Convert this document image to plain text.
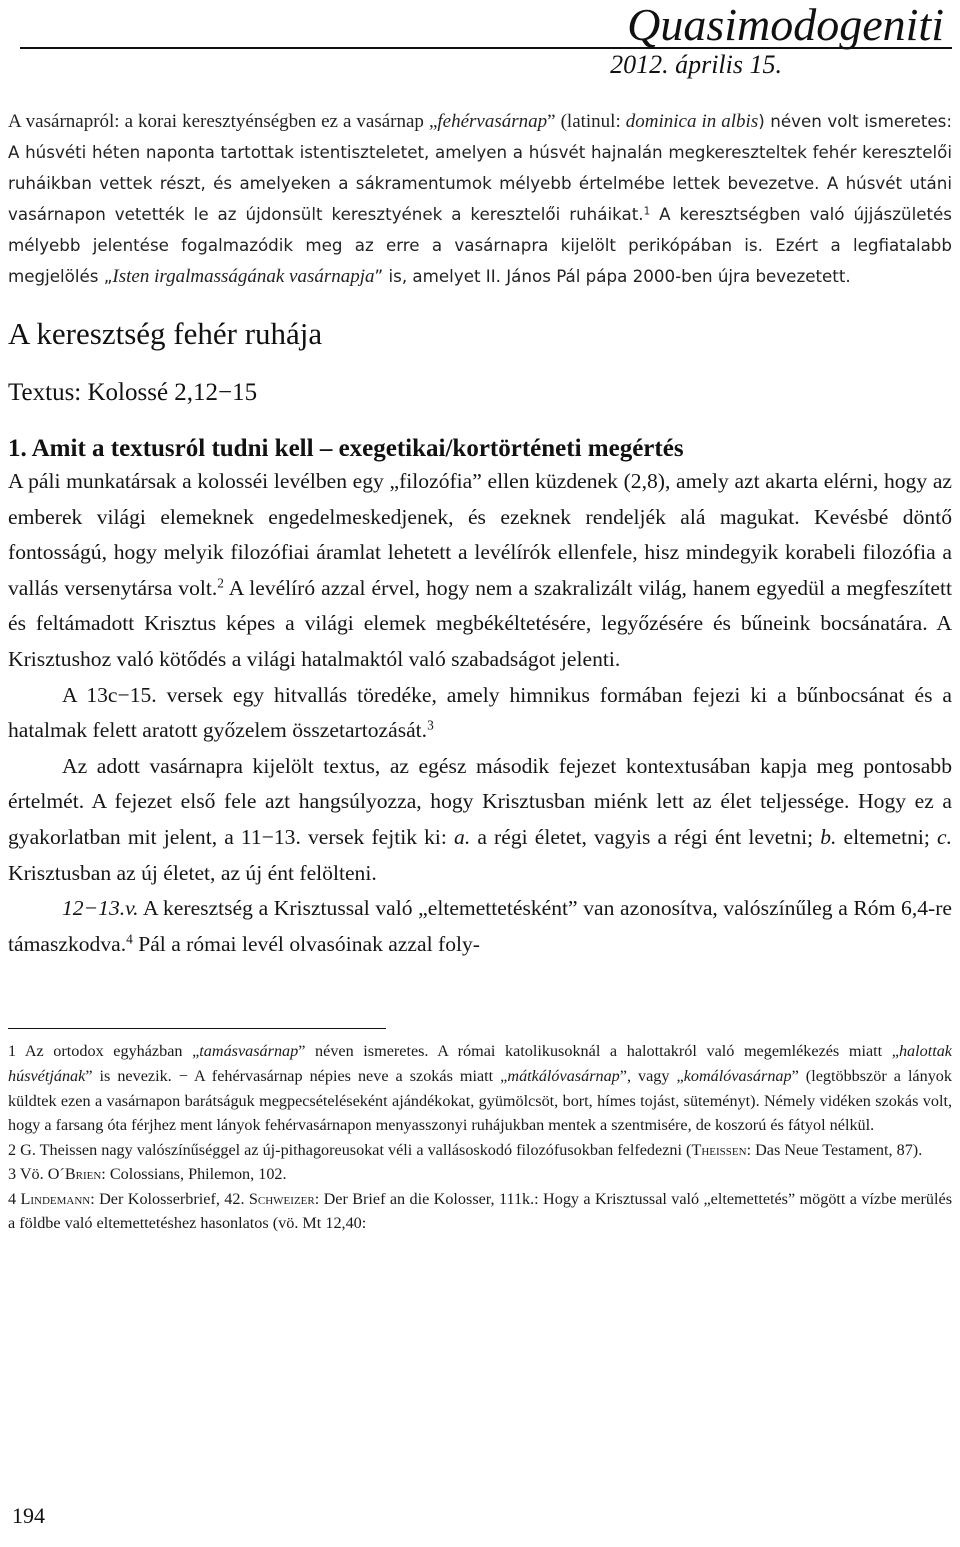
Quasimodogeniti
2012. április 15.

A vasárnapról: a korai keresztyénségben ez a vasárnap „fehérvasárnap” (latinul: dominica in albis) néven volt ismeretes: A húsvéti héten naponta tartottak istentiszteletet, amelyen a húsvét hajnalán megkereszteltek fehér keresztelői ruháikban vettek részt, és amelyeken a sákramentumok mélyebb értelmébe lettek bevezetve. A húsvét utáni vasárnapon vetették le az újdonsült keresztyének a keresztelői ruháikat.$^1$ A keresztségben való újjászületés mélyebb jelentése fogalmazódik meg az erre a vasárnapra kijelölt perikópában is. Ezért a legfiatalabb megjelölés „Isten irgalmasságának vasárnapja” is, amelyet II. János Pál pápa 2000-ben újra bevezetett.

A keresztség fehér ruhája
Textus: Kolossé 2,12−15
1. Amit a textusról tudni kell – exegetikai/kortörténeti megértés

A páli munkatársak a kolosséi levélben egy „filozófia” ellen küzdenek (2,8), amely azt akarta elérni, hogy az emberek világi elemeknek engedelmeskedjenek, és ezeknek rendeljék alá magukat. Kevésbé döntő fontosságú, hogy melyik filozófiai áramlat lehetett a levélírók ellenfele, hisz mindegyik korabeli filozófia a vallás versenytársa volt.$^2$ A levélíró azzal érvel, hogy nem a szakralizált világ, hanem egyedül a megfeszített és feltámadott Krisztus képes a világi elemek megbékéltetésére, legyőzésére és bűneink bocsánatára. A Krisztushoz való kötődés a világi hatalmaktól való szabadságot jelenti.

A 13c−15. versek egy hitvallás töredéke, amely himnikus formában fejezi ki a bűnbocsánat és a hatalmak felett aratott győzelem összetartozását.$^3$

Az adott vasárnapra kijelölt textus, az egész második fejezet kontextusában kapja meg pontosabb értelmét. A fejezet első fele azt hangsúlyozza, hogy Krisztusban miénk lett az élet teljessége. Hogy ez a gyakorlatban mit jelent, a 11−13. versek fejtik ki: a. a régi életet, vagyis a régi ént levetni; b. eltemetni; c. Krisztusban az új életet, az új ént felölteni.

12−13.v. A keresztség a Krisztussal való „eltemettetésként” van azonosítva, valószínűleg a Róm 6,4-re támaszkodva.$^4$ Pál a római levél olvasóinak azzal foly-

1 Az ortodox egyházban „tamásvasárnap” néven ismeretes. A római katolikusoknál a halottakról való megemlékezés miatt „halottak húsvétjának” is nevezik. − A fehérvasárnap népies neve a szokás miatt „mátkálóvasárnap”, vagy „komálóvasárnap” (legtöbbször a lányok küldtek ezen a vasárnapon barátságuk megpecsételéseként ajándékokat, gyümölcsöt, bort, hímes tojást, süteményt). Némely vidéken szokás volt, hogy a farsang óta férjhez ment lányok fehérvasárnapon menyasszonyi ruhájukban mentek a szentmisére, de koszorú és fátyol nélkül.

2 G. Theissen nagy valószínűséggel az új-pithagoreusokat véli a vallásoskodó filozófusokban felfedezni (Theissen: Das Neue Testament, 87).

3 Vö. O´Brien: Colossians, Philemon, 102.

4 Lindemann: Der Kolosserbrief, 42. Schweizer: Der Brief an die Kolosser, 111k.: Hogy a Krisztussal való „eltemettetés” mögött a vízbe merülés a földbe való eltemettetéshez hasonlatos (vö. Mt 12,40:

194
